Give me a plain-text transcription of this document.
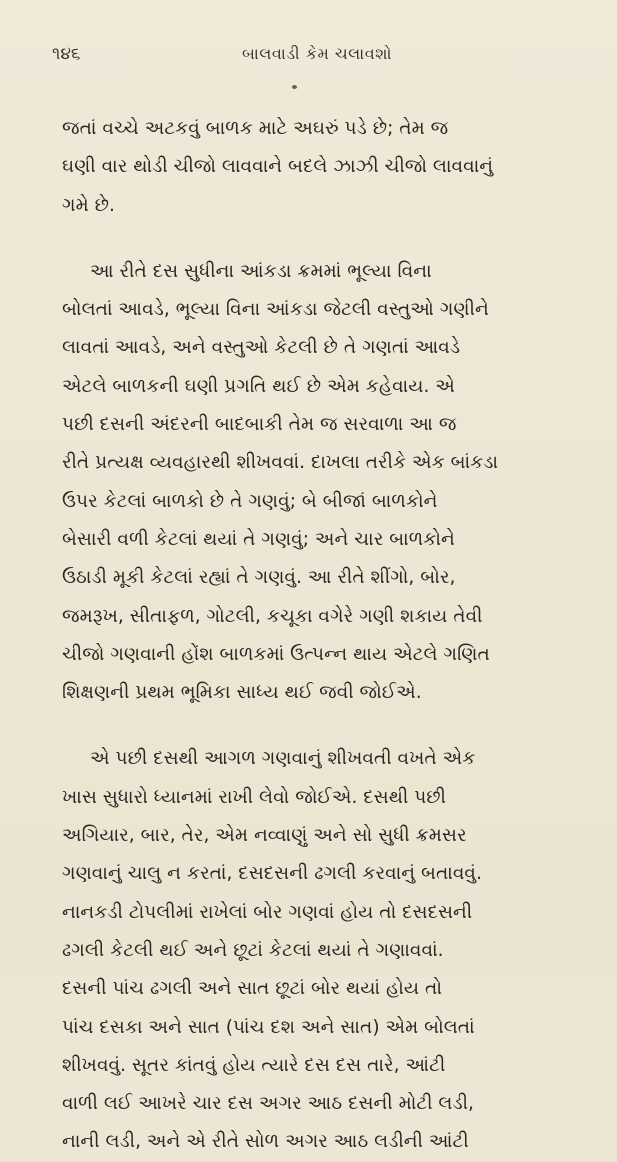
૧૪૬	બાલવાડી કેમ ચલાવશો

જતાં વચ્ચે અટકવું બાળક માટે અઘરું પડે છે; તેમ જ
ઘણી વાર થોડી ચીજો લાવવાને બદલે ઝાઝી ચીજો લાવવાનું
ગમે છે.

આ રીતે દસ સુધીના આંકડા ક્રમમાં ભૂલ્યા વિના
બોલતાં આવડે, ભૂલ્યા વિના આંકડા જેટલી વસ્તુઓ ગણીને
લાવતાં આવડે, અને વસ્તુઓ કેટલી છે તે ગણતાં આવડે
એટલે બાળકની ઘણી પ્રગતિ થઈ છે એમ કહેવાય. એ
પછી દસની અંદરની બાદબાકી તેમ જ સરવાળા આ જ
રીતે પ્રત્યક્ષ વ્યવહારથી શીખવવાં. દાખલા તરીકે એક બાંકડા
ઉપર કેટલાં બાળકો છે તે ગણવું; બે બીજાં બાળકોને
બેસારી વળી કેટલાં થયાં તે ગણવું; અને ચાર બાળકોને
ઉઠાડી મૂકી કેટલાં રહ્યાં તે ગણવું. આ રીતે શીંગો, બોર,
જમરૂખ, સીતાફળ, ગોટલી, કચૂકા વગેરે ગણી શકાય તેવી
ચીજો ગણવાની હોંશ બાળકમાં ઉત્પન્ન થાય એટલે ગણિત
શિક્ષણની પ્રથમ ભૂમિકા સાધ્ય થઈ જવી જોઈએ.

એ પછી દસથી આગળ ગણવાનું શીખવતી વખતે એક
ખાસ સુધારો ધ્યાનમાં રાખી લેવો જોઈએ. દસથી પછી
અગિયાર, બાર, તેર, એમ નવ્વાણું અને સો સુધી ક્રમસર
ગણવાનું ચાલુ ન કરતાં, દસદસની ઢગલી કરવાનું બતાવવું.
નાનકડી ટોપલીમાં રાખેલાં બોર ગણવાં હોય તો દસદસની
ઢગલી કેટલી થઈ અને છૂટાં કેટલાં થયાં તે ગણાવવાં.
દસની પાંચ ઢગલી અને સાત છૂટાં બોર થયાં હોય તો
પાંચ દસકા અને સાત (પાંચ દશ અને સાત) એમ બોલતાં
શીખવવું. સૂતર કાંતવું હોય ત્યારે દસ દસ તારે, આંટી
વાળી લઈ આખરે ચાર દસ અગર આઠ દસની મોટી લડી,
નાની લડી, અને એ રીતે સોળ અગર આઠ લડીની આંટી
